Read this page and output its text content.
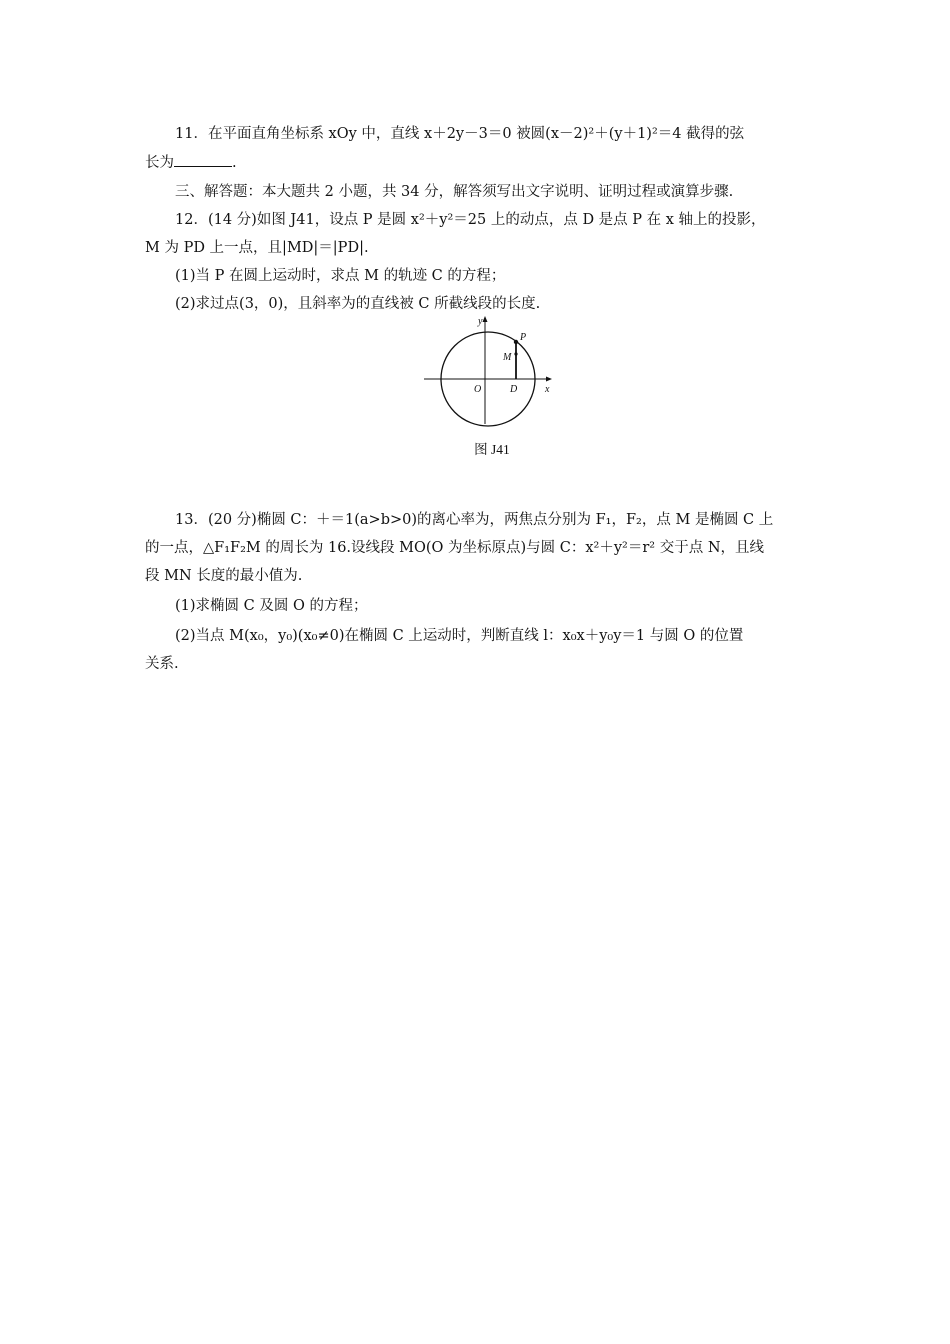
11．在平面直角坐标系 xOy 中，直线 x＋2y－3＝0 被圆(x－2)²＋(y＋1)²＝4 截得的弦
长为	.
三、解答题：本大题共 2 小题，共 34 分，解答须写出文字说明、证明过程或演算步骤.
12．(14 分)如图 J41，设点 P 是圆 x²＋y²＝25 上的动点，点 D 是点 P 在 x 轴上的投影，
M 为 PD 上一点，且|MD|＝|PD|.
(1)当 P 在圆上运动时，求点 M 的轨迹 C 的方程；
(2)求过点(3，0)，且斜率为的直线被 C 所截线段的长度.
y
x
O	D
P
M
图 J41
13．(20 分)椭圆 C：＋＝1(a>b>0)的离心率为，两焦点分别为 F₁，F₂，点 M 是椭圆 C 上
的一点，△F₁F₂M 的周长为 16.设线段 MO(O 为坐标原点)与圆 C：x²＋y²＝r² 交于点 N，且线
段 MN 长度的最小值为.
(1)求椭圆 C 及圆 O 的方程；
(2)当点 M(x₀，y₀)(x₀≠0)在椭圆 C 上运动时，判断直线 l：x₀x＋y₀y＝1 与圆 O 的位置
关系.
